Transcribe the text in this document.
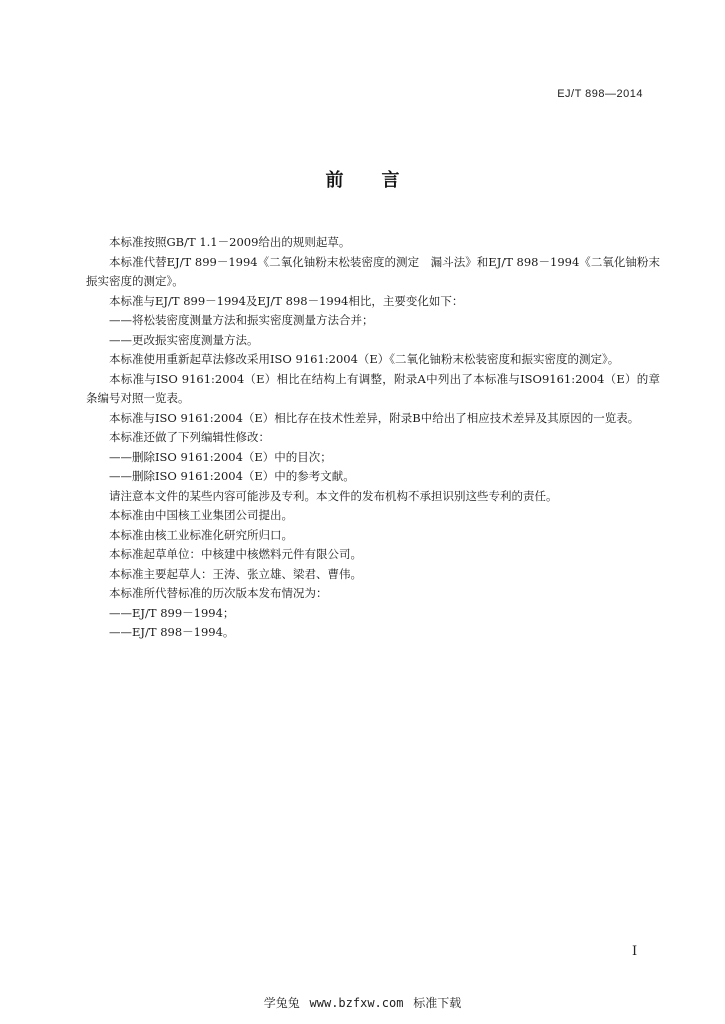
EJ/T 898—2014
前言

本标准按照GB/T 1.1－2009给出的规则起草。

本标准代替EJ/T 899－1994《二氧化铀粉末松装密度的测定　漏斗法》和EJ/T 898－1994《二氧化铀粉末振实密度的测定》。

本标准与EJ/T 899－1994及EJ/T 898－1994相比，主要变化如下：

——将松装密度测量方法和振实密度测量方法合并；

——更改振实密度测量方法。

本标准使用重新起草法修改采用ISO 9161:2004（E）《二氧化铀粉末松装密度和振实密度的测定》。

本标准与ISO 9161:2004（E）相比在结构上有调整，附录A中列出了本标准与ISO9161:2004（E）的章条编号对照一览表。

本标准与ISO 9161:2004（E）相比存在技术性差异，附录B中给出了相应技术差异及其原因的一览表。

本标准还做了下列编辑性修改：

——删除ISO 9161:2004（E）中的目次；

——删除ISO 9161:2004（E）中的参考文献。

请注意本文件的某些内容可能涉及专利。本文件的发布机构不承担识别这些专利的责任。

本标准由中国核工业集团公司提出。

本标准由核工业标准化研究所归口。

本标准起草单位：中核建中核燃料元件有限公司。

本标准主要起草人：王涛、张立雄、梁君、曹伟。

本标准所代替标准的历次版本发布情况为：

——EJ/T 899－1994；

——EJ/T 898－1994。

I
学兔兔 www.bzfxw.com 标准下载
